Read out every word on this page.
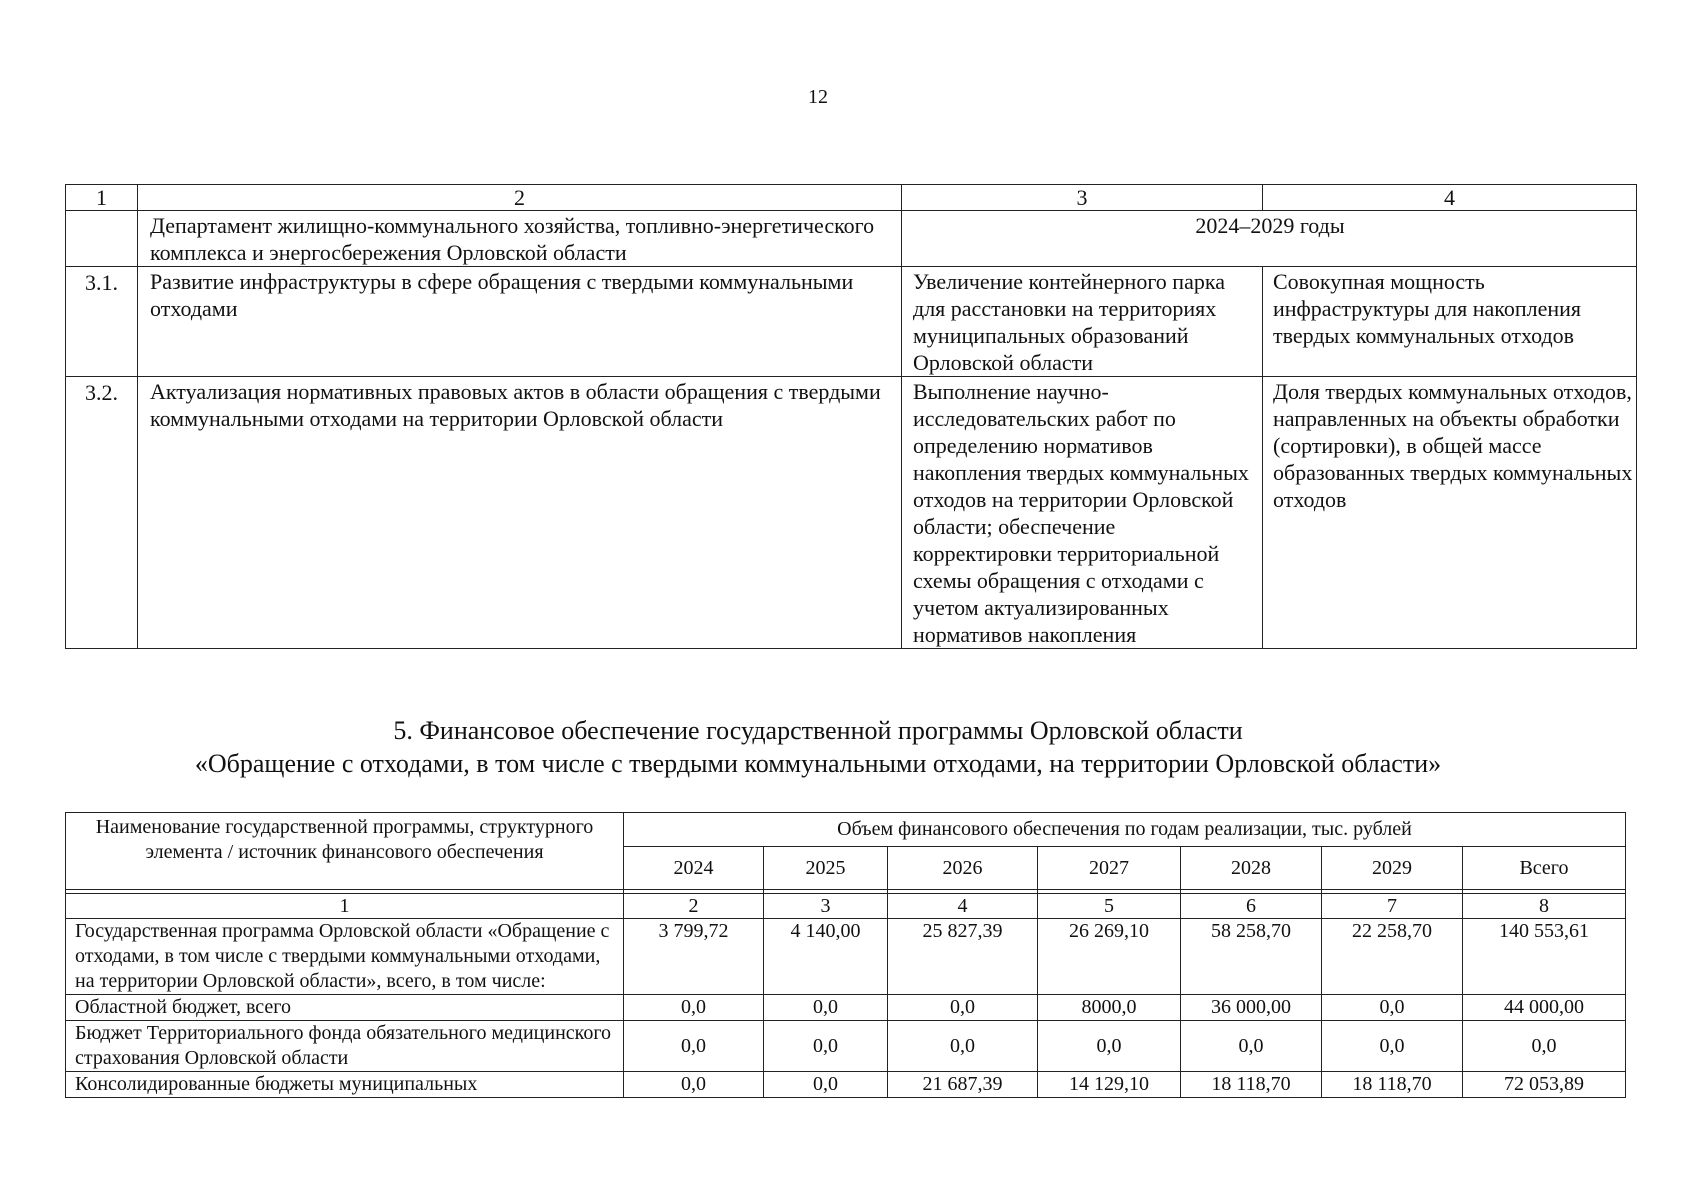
12
1	2	3	4
	Департамент жилищно-коммунального хозяйства, топливно-энергетического комплекса и энергосбережения Орловской области	2024–2029 годы	
3.1.	Развитие инфраструктуры в сфере обращения с твердыми коммунальными отходами	Увеличение контейнерного парка для расстановки на территориях муниципальных образований Орловской области	Совокупная мощность инфраструктуры для накопления твердых коммунальных отходов
3.2.	Актуализация нормативных правовых актов в области обращения с твердыми коммунальными отходами на территории Орловской области	Выполнение научно-исследовательских работ по определению нормативов накопления твердых коммунальных отходов на территории Орловской области; обеспечение корректировки территориальной схемы обращения с отходами с учетом актуализированных нормативов накопления	Доля твердых коммунальных отходов, направленных на объекты обработки (сортировки), в общей массе образованных твердых коммунальных отходов
5. Финансовое обеспечение государственной программы Орловской области
«Обращение с отходами, в том числе с твердыми коммунальными отходами, на территории Орловской области»
Наименование государственной программы, структурного элемента / источник финансового обеспечения	Объем финансового обеспечения по годам реализации, тыс. рублей						
	2024	2025	2026	2027	2028	2029	Всего

1	2	3	4	5	6	7	8
Государственная программа Орловской области «Обращение с отходами, в том числе с твердыми коммунальными отходами, на территории Орловской области», всего, в том числе:	3 799,72	4 140,00	25 827,39	26 269,10	58 258,70	22 258,70	140 553,61
Областной бюджет, всего	0,0	0,0	0,0	8000,0	36 000,00	0,0	44 000,00
Бюджет Территориального фонда обязательного медицинского страхования Орловской области	0,0	0,0	0,0	0,0	0,0	0,0	0,0
Консолидированные бюджеты муниципальных	0,0	0,0	21 687,39	14 129,10	18 118,70	18 118,70	72 053,89
